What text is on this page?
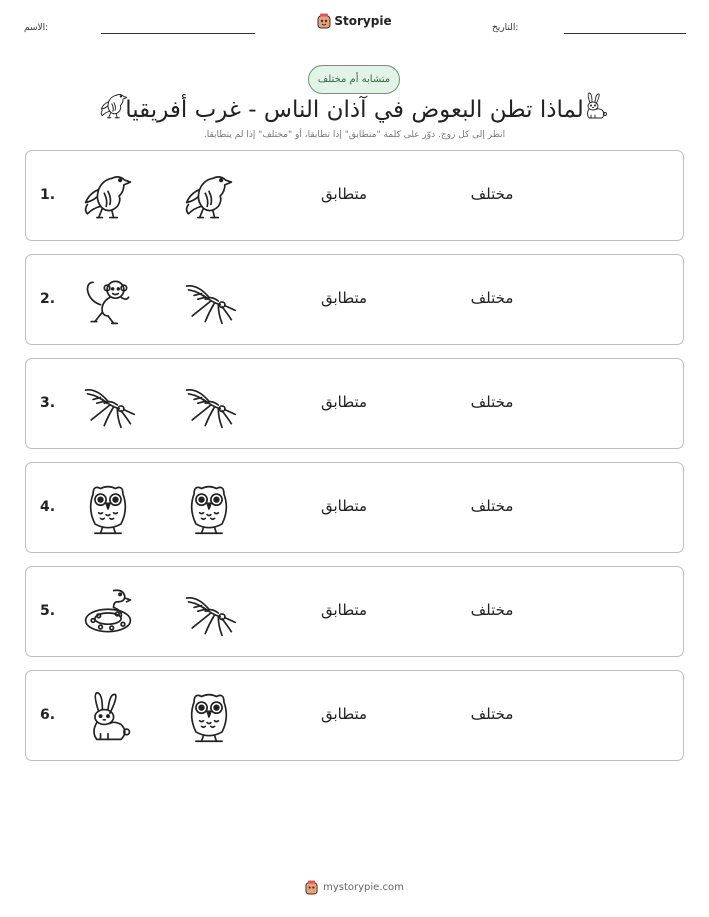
الاسم:	Storypie	التاريخ:
متشابه أم مختلف
لماذا تطن البعوض في آذان الناس - غرب أفريقيا
انظر إلى كل زوج. دوّر على كلمة "متطابق" إذا تطابقا، أو "مختلف" إذا لم يتطابقا.
1.	متطابق	مختلف
2.	متطابق	مختلف
3.	متطابق	مختلف
4.	متطابق	مختلف
5.	متطابق	مختلف
6.	متطابق	مختلف
mystorypie.com
